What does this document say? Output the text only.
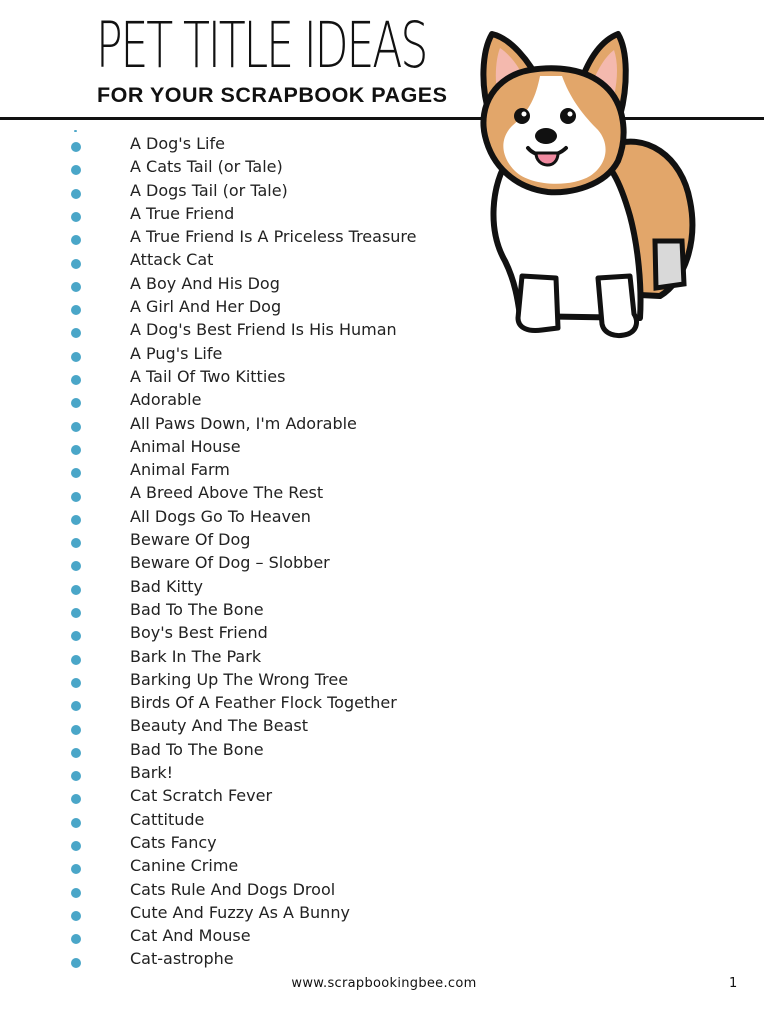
PET TITLE IDEAS
FOR YOUR SCRAPBOOK PAGES
A Dog's Life
A Cats Tail (or Tale)
A Dogs Tail (or Tale)
A True Friend
A True Friend Is A Priceless Treasure
Attack Cat
A Boy And His Dog
A Girl And Her Dog
A Dog's Best Friend Is His Human
A Pug's Life
A Tail Of Two Kitties
Adorable
All Paws Down, I'm Adorable
Animal House
Animal Farm
A Breed Above The Rest
All Dogs Go To Heaven
Beware Of Dog
Beware Of Dog – Slobber
Bad Kitty
Bad To The Bone
Boy's Best Friend
Bark In The Park
Barking Up The Wrong Tree
Birds Of A Feather Flock Together
Beauty And The Beast
Bad To The Bone
Bark!
Cat Scratch Fever
Cattitude
Cats Fancy
Canine Crime
Cats Rule And Dogs Drool
Cute And Fuzzy As A Bunny
Cat And Mouse
Cat-astrophe
www.scrapbookingbee.com	1
